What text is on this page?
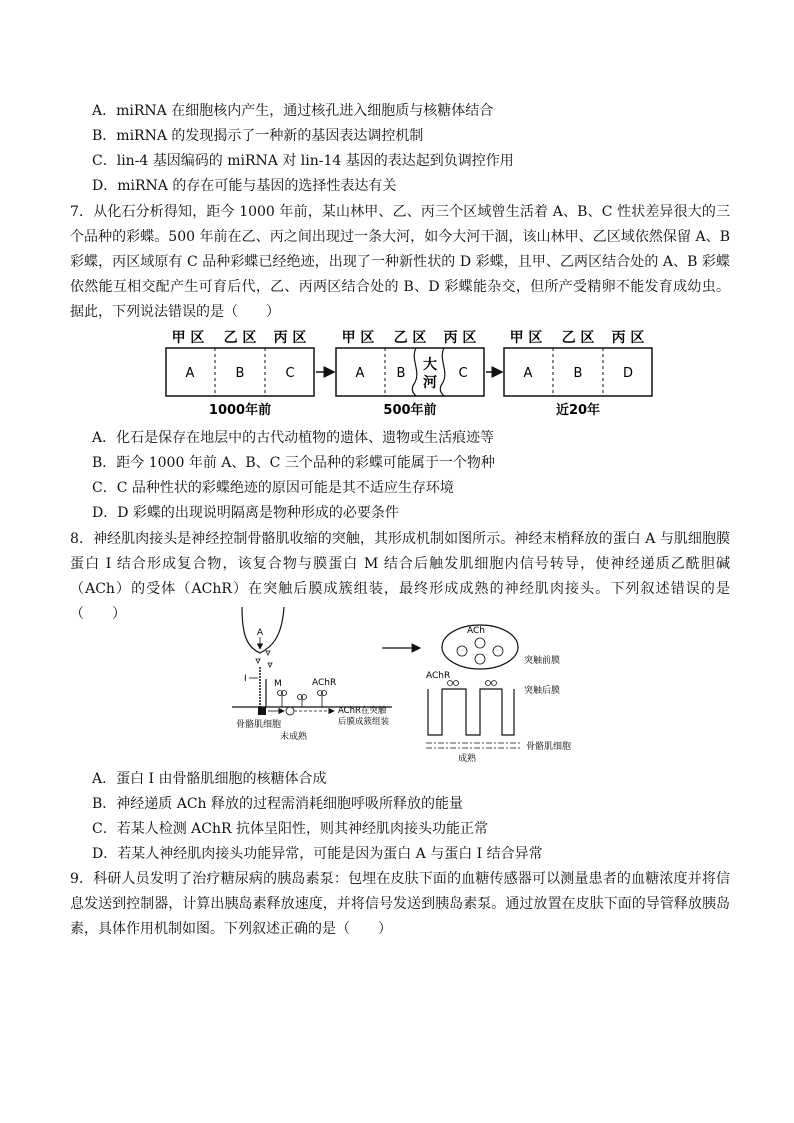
A．miRNA 在细胞核内产生，通过核孔进入细胞质与核糖体结合
B．miRNA 的发现揭示了一种新的基因表达调控机制
C．lin-4 基因编码的 miRNA 对 lin-14 基因的表达起到负调控作用
D．miRNA 的存在可能与基因的选择性表达有关
7．从化石分析得知，距今 1000 年前，某山林甲、乙、丙三个区域曾生活着 A、B、C 性状差异很大的三个品种的彩蝶。500 年前在乙、丙之间出现过一条大河，如今大河干涸，该山林甲、乙区域依然保留 A、B 彩蝶，丙区域原有 C 品种彩蝶已经绝迹，出现了一种新性状的 D 彩蝶，且甲、乙两区结合处的 A、B 彩蝶依然能互相交配产生可育后代，乙、丙两区结合处的 B、D 彩蝶能杂交，但所产受精卵不能发育成幼虫。据此，下列说法错误的是（　　）
甲 区 乙 区 丙 区
A	B	C
1000年前
甲 区 乙 区 丙 区
A B
大
河
C
500年前
甲 区 乙 区 丙 区
A	B	D
近20年
A．化石是保存在地层中的古代动植物的遗体、遗物或生活痕迹等
B．距今 1000 年前 A、B、C 三个品种的彩蝶可能属于一个物种
C．C 品种性状的彩蝶绝迹的原因可能是其不适应生存环境
D．D 彩蝶的出现说明隔离是物种形成的必要条件
8．神经肌肉接头是神经控制骨骼肌收缩的突触，其形成机制如图所示。神经末梢释放的蛋白 A 与肌细胞膜蛋白 I 结合形成复合物，该复合物与膜蛋白 M 结合后触发肌细胞内信号转导，使神经递质乙酰胆碱（ACh）的受体（AChR）在突触后膜成簇组装，最终形成成熟的神经肌肉接头。下列叙述错误的是（　　）
A
I	M	AChR
骨骼肌细胞
AChR在突触
后膜成簇组装
未成熟
ACh
突触前膜
AChR
突触后膜
骨骼肌细胞
成熟
A．蛋白 I 由骨骼肌细胞的核糖体合成
B．神经递质 ACh 释放的过程需消耗细胞呼吸所释放的能量
C．若某人检测 AChR 抗体呈阳性，则其神经肌肉接头功能正常
D．若某人神经肌肉接头功能异常，可能是因为蛋白 A 与蛋白 I 结合异常
9．科研人员发明了治疗糖尿病的胰岛素泵：包埋在皮肤下面的血糖传感器可以测量患者的血糖浓度并将信息发送到控制器，计算出胰岛素释放速度，并将信号发送到胰岛素泵。通过放置在皮肤下面的导管释放胰岛素，具体作用机制如图。下列叙述正确的是（　　）
